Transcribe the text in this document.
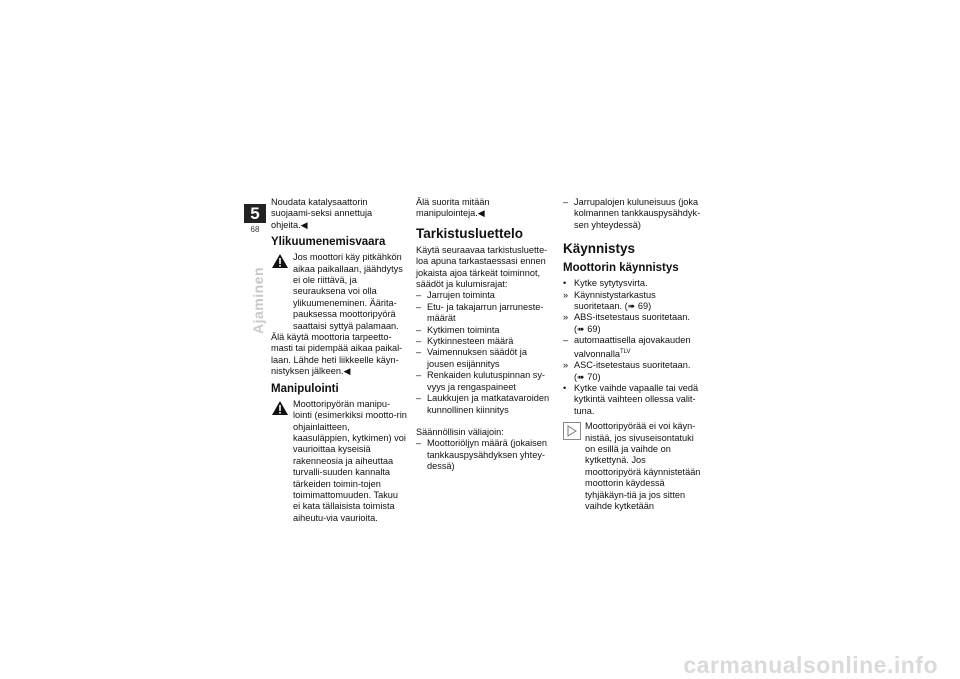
5
68
Ajaminen

Noudata katalysaattorin suojaami-seksi annettuja ohjeita.◀

Ylikuumenemisvaara

Jos moottori käy pitkähkön aikaa paikallaan, jäähdytys ei ole riittävä, ja seurauksena voi olla ylikuumeneminen. Äärita-pauksessa moottoripyörä saattaisi syttyä palamaan.

Älä käytä moottoria tarpeetto-masti tai pidempää aikaa paikal-laan. Lähde heti liikkeelle käyn-nistyksen jälkeen.◀

Manipulointi

Moottoripyörän manipu-lointi (esimerkiksi mootto-rin ohjainlaitteen, kaasuläppien, kytkimen) voi vaurioittaa kyseisiä rakenneosia ja aiheuttaa turvalli-suuden kannalta tärkeiden toimin-tojen toimimattomuuden. Takuu ei kata tällaisista toimista aiheutu-via vaurioita.

Älä suorita mitään manipulointeja.◀

Tarkistusluettelo

Käytä seuraavaa tarkistusluette-loa apuna tarkastaessasi ennen jokaista ajoa tärkeät toiminnot, säädöt ja kulumisrajat:

– Jarrujen toiminta
– Etu- ja takajarrun jarruneste-määrät
– Kytkimen toiminta
– Kytkinnesteen määrä
– Vaimennuksen säädöt ja jousen esijännitys
– Renkaiden kulutuspinnan sy-vyys ja rengaspaineet
– Laukkujen ja matkatavaroiden kunnollinen kiinnitys

Säännöllisin väliajoin:

– Moottoriöljyn määrä (jokaisen tankkauspysähdyksen yhtey-dessä)
– Jarrupalojen kuluneisuus (joka kolmannen tankkauspysähdyk-sen yhteydessä)
Käynnistys
Moottorin käynnistys
• Kytke sytytysvirta.
» Käynnistystarkastus suoritetaan. (➠ 69)
» ABS-itsetestaus suoritetaan. (➠ 69)
– automaattisella ajovakauden valvonnalla$^{TLV}$
» ASC-itsetestaus suoritetaan. (➠ 70)
• Kytke vaihde vapaalle tai vedä kytkintä vaihteen ollessa valit-tuna.

Moottoripyörää ei voi käyn-nistää, jos sivuseisontatuki on esillä ja vaihde on kytkettynä. Jos moottoripyörä käynnistetään moottorin käydessä tyhjäkäyn-tiä ja jos sitten vaihde kytketään

carmanualsonline.info
